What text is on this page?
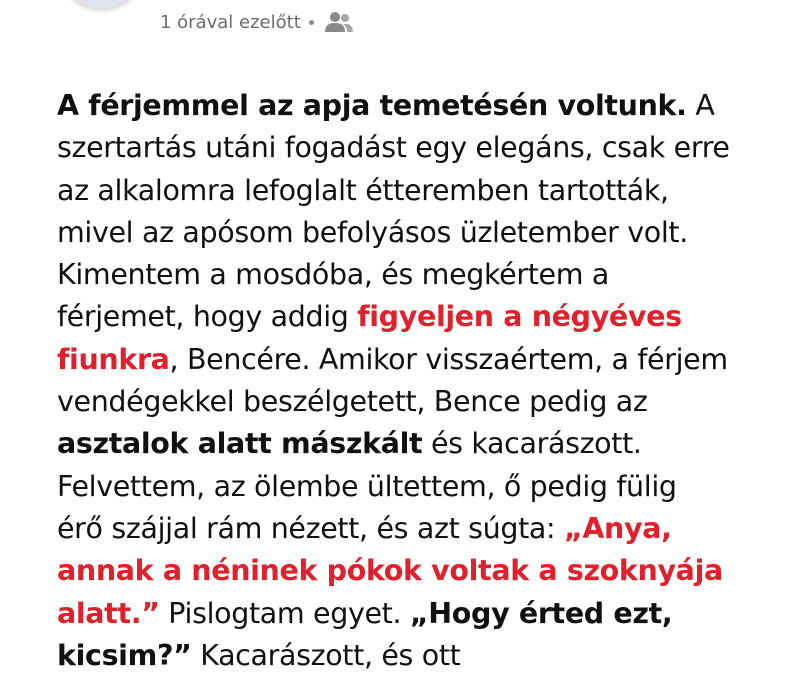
1 órával ezelőtt
A férjemmel az apja temetésén voltunk. A
szertartás utáni fogadást egy elegáns, csak erre
az alkalomra lefoglalt étteremben tartották,
mivel az apósom befolyásos üzletember volt.
Kimentem a mosdóba, és megkértem a
férjemet, hogy addig figyeljen a négyéves
fiunkra, Bencére. Amikor visszaértem, a férjem
vendégekkel beszélgetett, Bence pedig az
asztalok alatt mászkált és kacarászott.
Felvettem, az ölembe ültettem, ő pedig fülig
érő szájjal rám nézett, és azt súgta: „Anya,
annak a néninek pókok voltak a szoknyája
alatt.” Pislogtam egyet. „Hogy érted ezt,
kicsim?” Kacarászott, és ott
